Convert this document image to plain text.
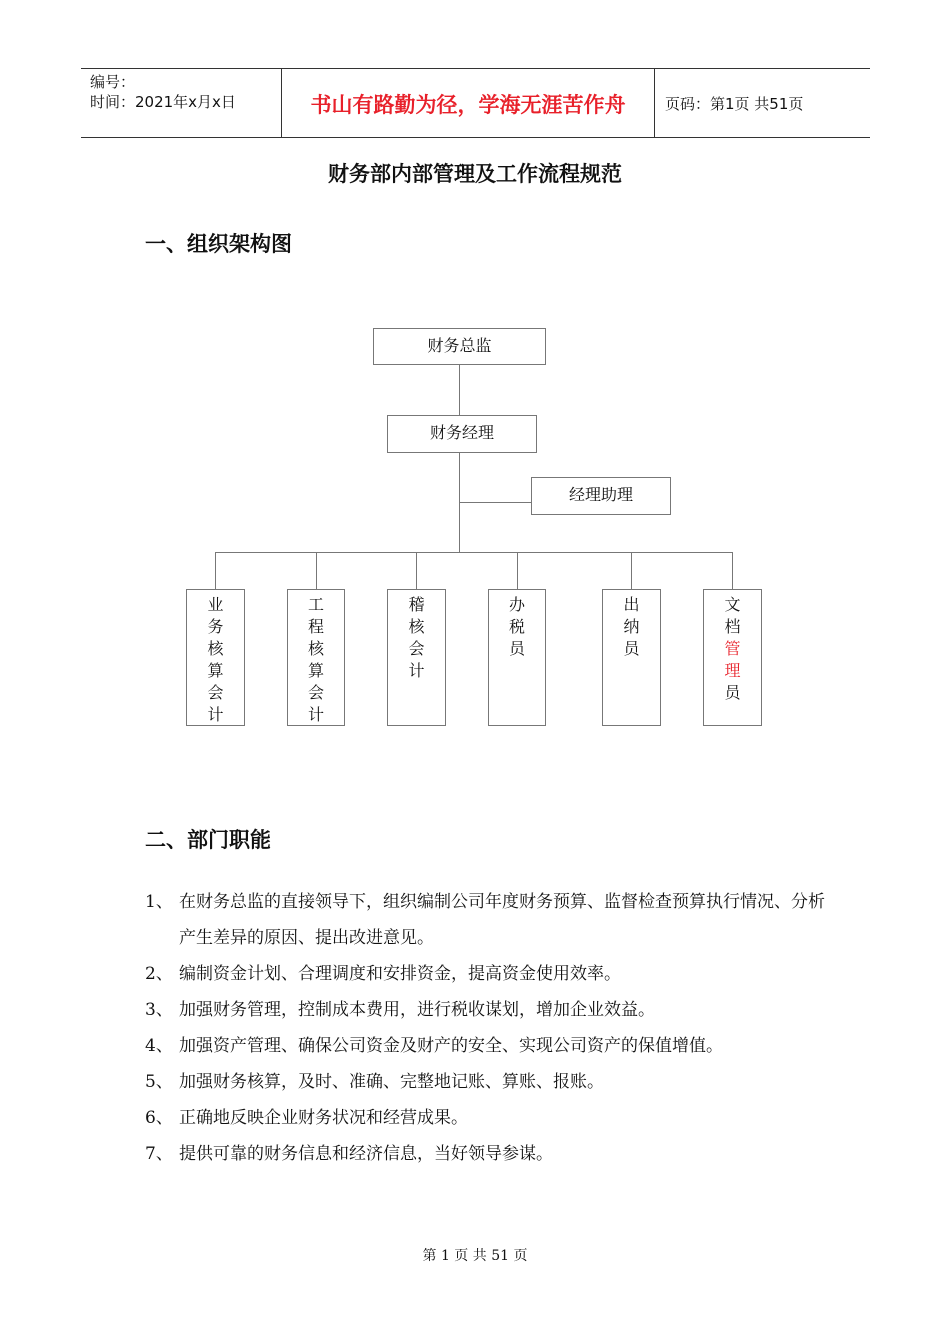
编号：
时间：2021年x月x日	书山有路勤为径，学海无涯苦作舟	页码：第1页 共51页
财务部内部管理及工作流程规范
一、组织架构图
财务总监
财务经理
经理助理
业
务
核
算
会
计
工
程
核
算
会
计
稽
核
会
计
办
税
员
出
纳
员
文
档
管
理
员
二、部门职能
1、 在财务总监的直接领导下，组织编制公司年度财务预算、监督检查预算执行情况、分析产生差异的原因、提出改进意见。
2、 编制资金计划、合理调度和安排资金，提高资金使用效率。
3、 加强财务管理，控制成本费用，进行税收谋划，增加企业效益。
4、 加强资产管理、确保公司资金及财产的安全、实现公司资产的保值增值。
5、 加强财务核算，及时、准确、完整地记账、算账、报账。
6、 正确地反映企业财务状况和经营成果。
7、 提供可靠的财务信息和经济信息，当好领导参谋。
第 1 页 共 51 页
